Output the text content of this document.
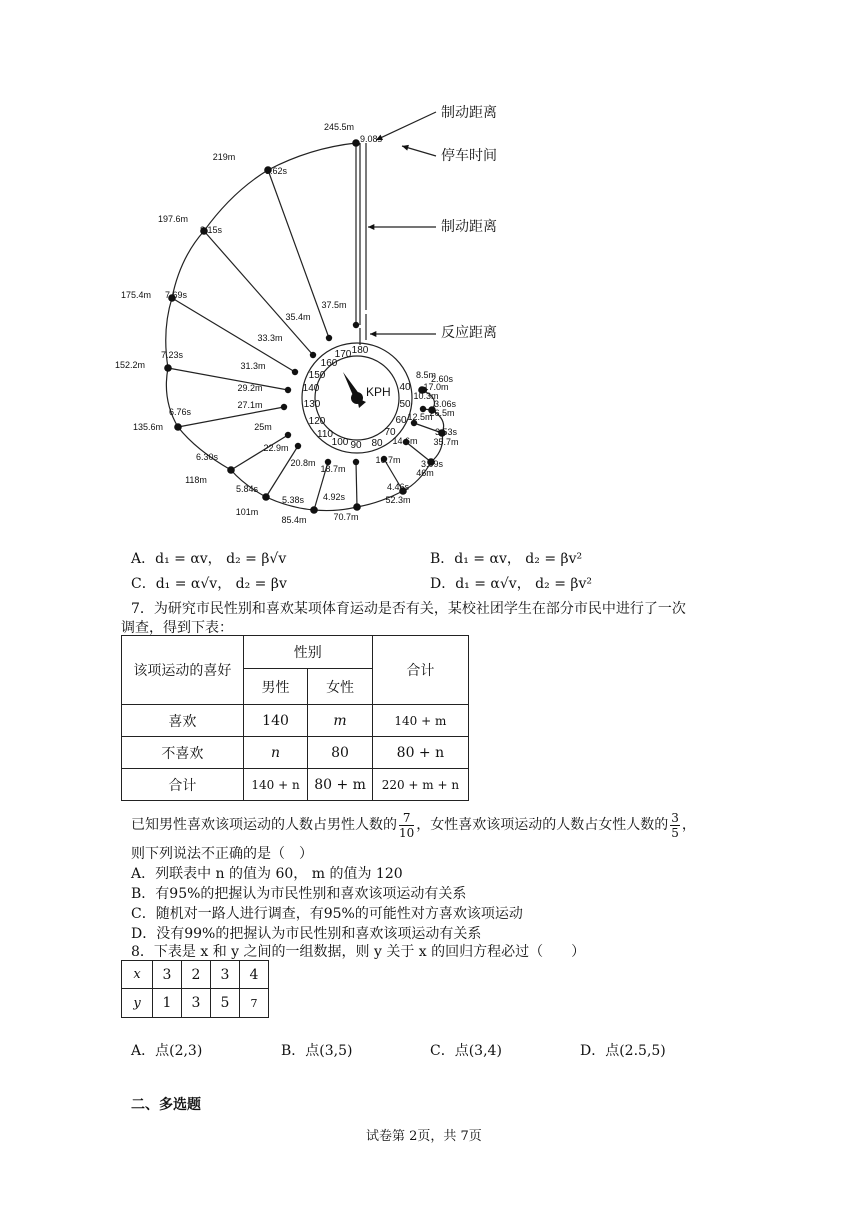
40
8.5m
17.0m
2.60s
50
10.3m
26.5m
3.06s
60 12.5m
35.7m
3.53s
70
14.6m
46m
3.99s
80
16.7m
52.3m
4.46s
90
18.7m
70.7m
4.92s
100
20.8m
85.4m
5.38s
110
22.9m
101m
5.84s
120
25m
118m
6.30s
130
27.1m
135.6m
6.76s
140
29.2m
152.2m
7.23s
150
31.3m
175.4m 7.69s
160
33.3m
197.6m
8.15s
170
35.4m
219m
8.62s
180
37.5m
245.5m
9.08s
KPH
制动距离
停车时间
制动距离
反应距离
A．d₁ = αv， d₂ = β√v	B．d₁ = αv， d₂ = βv²
C．d₁ = α√v， d₂ = βv	D．d₁ = α√v， d₂ = βv²
7．为研究市民性别和喜欢某项体育运动是否有关，某校社团学生在部分市民中进行了一次
调查，得到下表：
该项运动的喜好	性别		合计
	男性	女性	
喜欢	140	m	140 + m
不喜欢	n	80	80 + n
合计	140 + n	80 + m	220 + m + n
已知男性喜欢该项运动的人数占男性人数的 $\frac{7}{10}$ ，女性喜欢该项运动的人数占女性人数的 $\frac{3}{5}$ ，
则下列说法不正确的是（　）
A．列联表中 n 的值为 60， m 的值为 120
B．有95%的把握认为市民性别和喜欢该项运动有关系
C．随机对一路人进行调查，有95%的可能性对方喜欢该项运动
D．没有99%的把握认为市民性别和喜欢该项运动有关系
8．下表是 x 和 y 之间的一组数据，则 y 关于 x 的回归方程必过（　　）
x	3	2	3	4
y	1	3	5	7
A．点(2,3)	B．点(3,5)	C．点(3,4)	D．点(2.5,5)
二、多选题
试卷第 2页，共 7页
